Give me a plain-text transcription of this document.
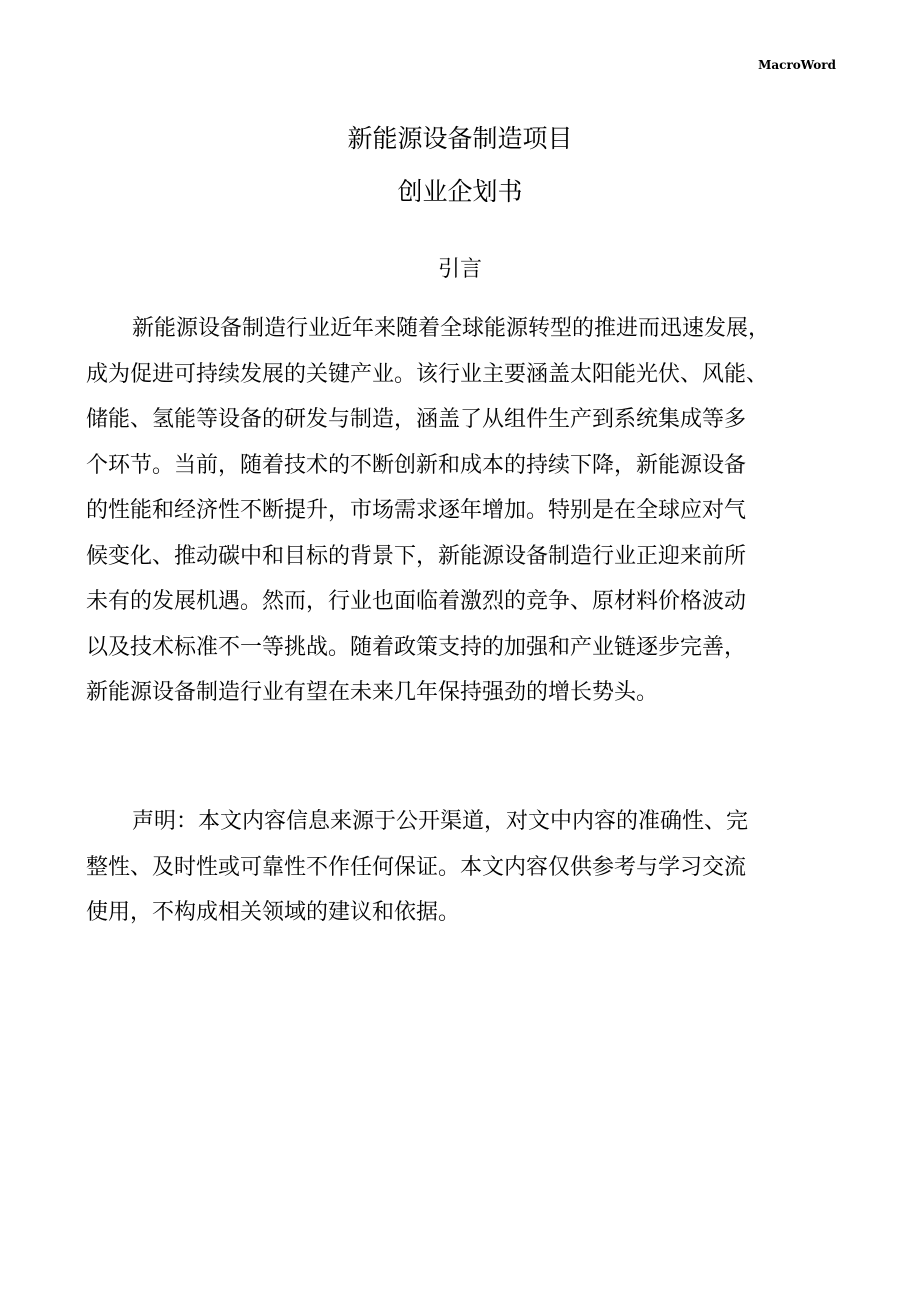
MacroWord
新能源设备制造项目
创业企划书
引言
新能源设备制造行业近年来随着全球能源转型的推进而迅速发展，
成为促进可持续发展的关键产业。该行业主要涵盖太阳能光伏、风能、
储能、氢能等设备的研发与制造，涵盖了从组件生产到系统集成等多
个环节。当前，随着技术的不断创新和成本的持续下降，新能源设备
的性能和经济性不断提升，市场需求逐年增加。特别是在全球应对气
候变化、推动碳中和目标的背景下，新能源设备制造行业正迎来前所
未有的发展机遇。然而，行业也面临着激烈的竞争、原材料价格波动
以及技术标准不一等挑战。随着政策支持的加强和产业链逐步完善，
新能源设备制造行业有望在未来几年保持强劲的增长势头。
声明：本文内容信息来源于公开渠道，对文中内容的准确性、完
整性、及时性或可靠性不作任何保证。本文内容仅供参考与学习交流
使用，不构成相关领域的建议和依据。
